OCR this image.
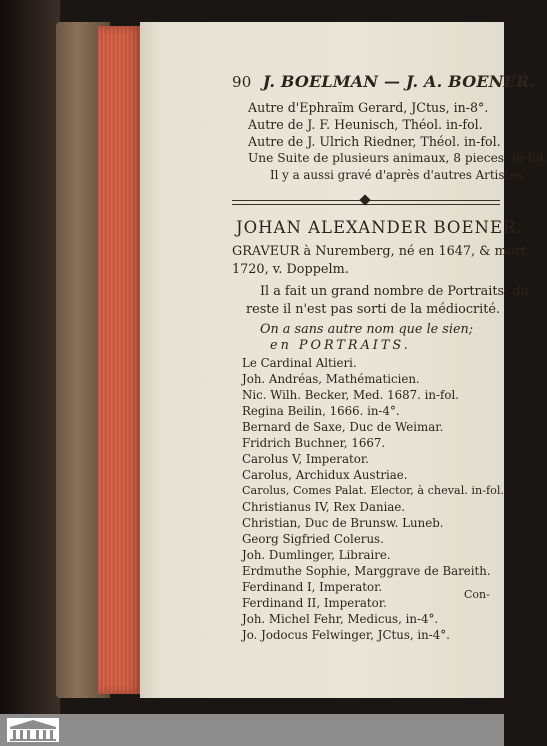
90 J. BOELMAN — J. A. BOENER.
Autre d'Ephraïm Gerard, JCtus, in-8°.
Autre de J. F. Heunisch, Théol. in-fol.
Autre de J. Ulrich Riedner, Théol. in-fol.
Une Suite de plusieurs animaux, 8 pieces, in-fol.
Il y a aussi gravé d'après d'autres Artistes.
JOHAN ALEXANDER BOENER.
GRAVEUR à Nuremberg, né en 1647, & mort
1720, v. Doppelm.
Il a fait un grand nombre de Portraits; du
reste il n'est pas sorti de la médiocrité.
On a sans autre nom que le sien;
en PORTRAITS.
Le Cardinal Altieri.
Joh. Andréas, Mathématicien.
Nic. Wilh. Becker, Med. 1687. in-fol.
Regina Beilin, 1666. in-4°.
Bernard de Saxe, Duc de Weimar.
Fridrich Buchner, 1667.
Carolus V, Imperator.
Carolus, Archidux Austriae.
Carolus, Comes Palat. Elector, à cheval. in-fol.
Christianus IV, Rex Daniae.
Christian, Duc de Brunsw. Luneb.
Georg Sigfried Colerus.
Joh. Dumlinger, Libraire.
Erdmuthe Sophie, Marggrave de Bareith.
Ferdinand I, Imperator.
Ferdinand II, Imperator.
Joh. Michel Fehr, Medicus, in-4°.
Jo. Jodocus Felwinger, JCtus, in-4°.
Con-
